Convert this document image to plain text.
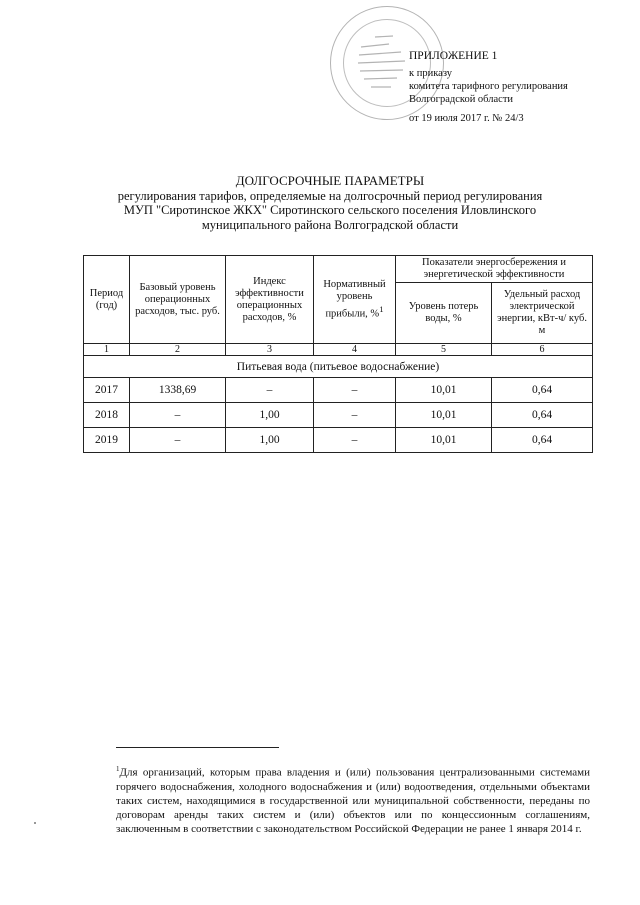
ПРИЛОЖЕНИЕ 1
к приказу
комитета тарифного регулирования
Волгоградской области
от 19 июля 2017 г. № 24/3
ДОЛГОСРОЧНЫЕ ПАРАМЕТРЫ
регулирования тарифов, определяемые на долгосрочный период регулирования
МУП "Сиротинское ЖКХ" Сиротинского сельского поселения Иловлинского
муниципального района Волгоградской области
Период (год)	Базовый уровень операционных расходов, тыс. руб.	Индекс эффективности операционных расходов, %	Нормативный уровень прибыли, %$^1$	Показатели энергосбережения и энергетической эффективности	
				Уровень потерь воды, %	Удельный расход электрической энергии, кВт-ч/ куб. м
1	2	3	4	5	6
Питьевая вода (питьевое водоснабжение)					
2017	1338,69	–	–	10,01	0,64
2018	–	1,00	–	10,01	0,64
2019	–	1,00	–	10,01	0,64
$^1$Для организаций, которым права владения и (или) пользования централизованными системами горячего водоснабжения, холодного водоснабжения и (или) водоотведения, отдельными объектами таких систем, находящимися в государственной или муниципальной собственности, переданы по договорам аренды таких систем и (или) объектов или по концессионным соглашениям, заключенным в соответствии с законодательством Российской Федерации не ранее 1 января 2014 г.
